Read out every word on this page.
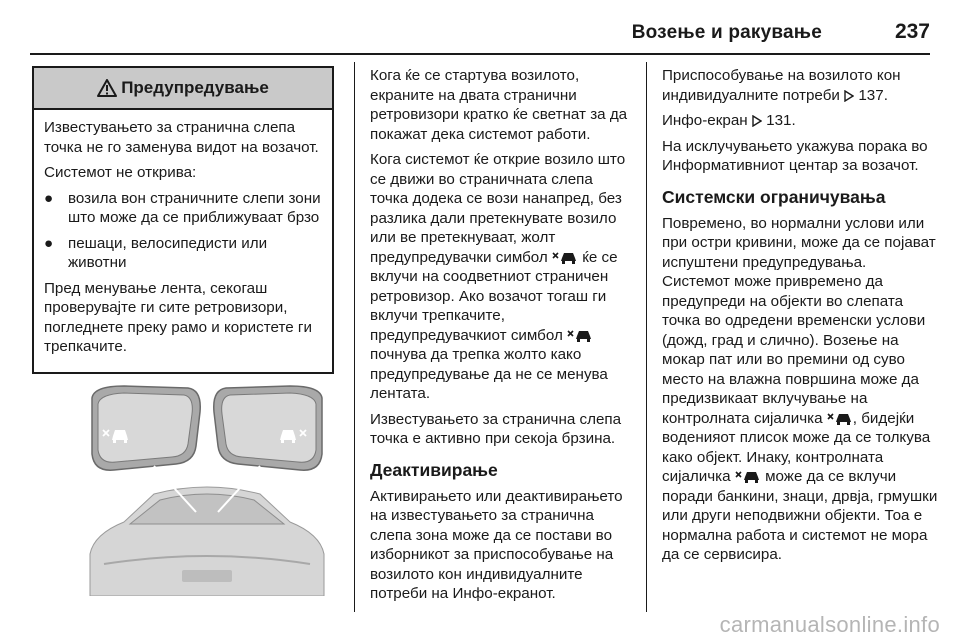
Возење и ракување	237
Предупредување

Известувањето за странична слепа точка не го заменува видот на возачот.

Системот не открива:

● возила вон страничните слепи зони што може да се приближуваат брзо
● пешаци, велосипедисти или животни

Пред менување лента, секогаш проверувајте ги сите ретровизори, погледнете преку рамо и користете ги трепкачите.

Кога ќе се стартува возилото, екраните на двата странични ретровизори кратко ќе светнат за да покажат дека системот работи.

Кога системот ќе открие возило што се движи во страничната слепа точка додека се вози нанапред, без разлика дали претекнувате возило или ве претекнуваат, жолт предупредувачки симбол ќе се вклучи на соодветниот страничен ретровизор. Ако возачот тогаш ги вклучи трепкачите, предупредувачкиот симбол  почнува да трепка жолто како предупредување да не се менува лентата.

Известувањето за странична слепа точка е активно при секоја брзина.

Деактивирање

Активирањето или деактивирањето на известувањето за странична слепа зона може да се постави во изборникот за приспособување на возилото кон индивидуалните потреби на Инфо-екранот.

Приспособување на возилото кон индивидуалните потреби 137.

Инфо-екран 131.

На исклучувањето укажува порака во Информативниот центар за возачот.

Системски ограничувања

Повремено, во нормални услови или при остри кривини, може да се појават испуштени предупредувања. Системот може привремено да предупреди на објекти во слепата точка во одредени временски услови (дожд, град и слично). Возење на мокар пат или во премини од суво место на влажна површина може да предизвикаат вклучување на контролната сијаличка , бидејќи воденияот плисок може да се толкува како објект. Инаку, контролната сијаличка може да се вклучи поради банкини, знаци, дрвја, грмушки или други неподвижни објекти. Тоа е нормална работа и системот не мора да се сервисира.

carmanualsonline.info
